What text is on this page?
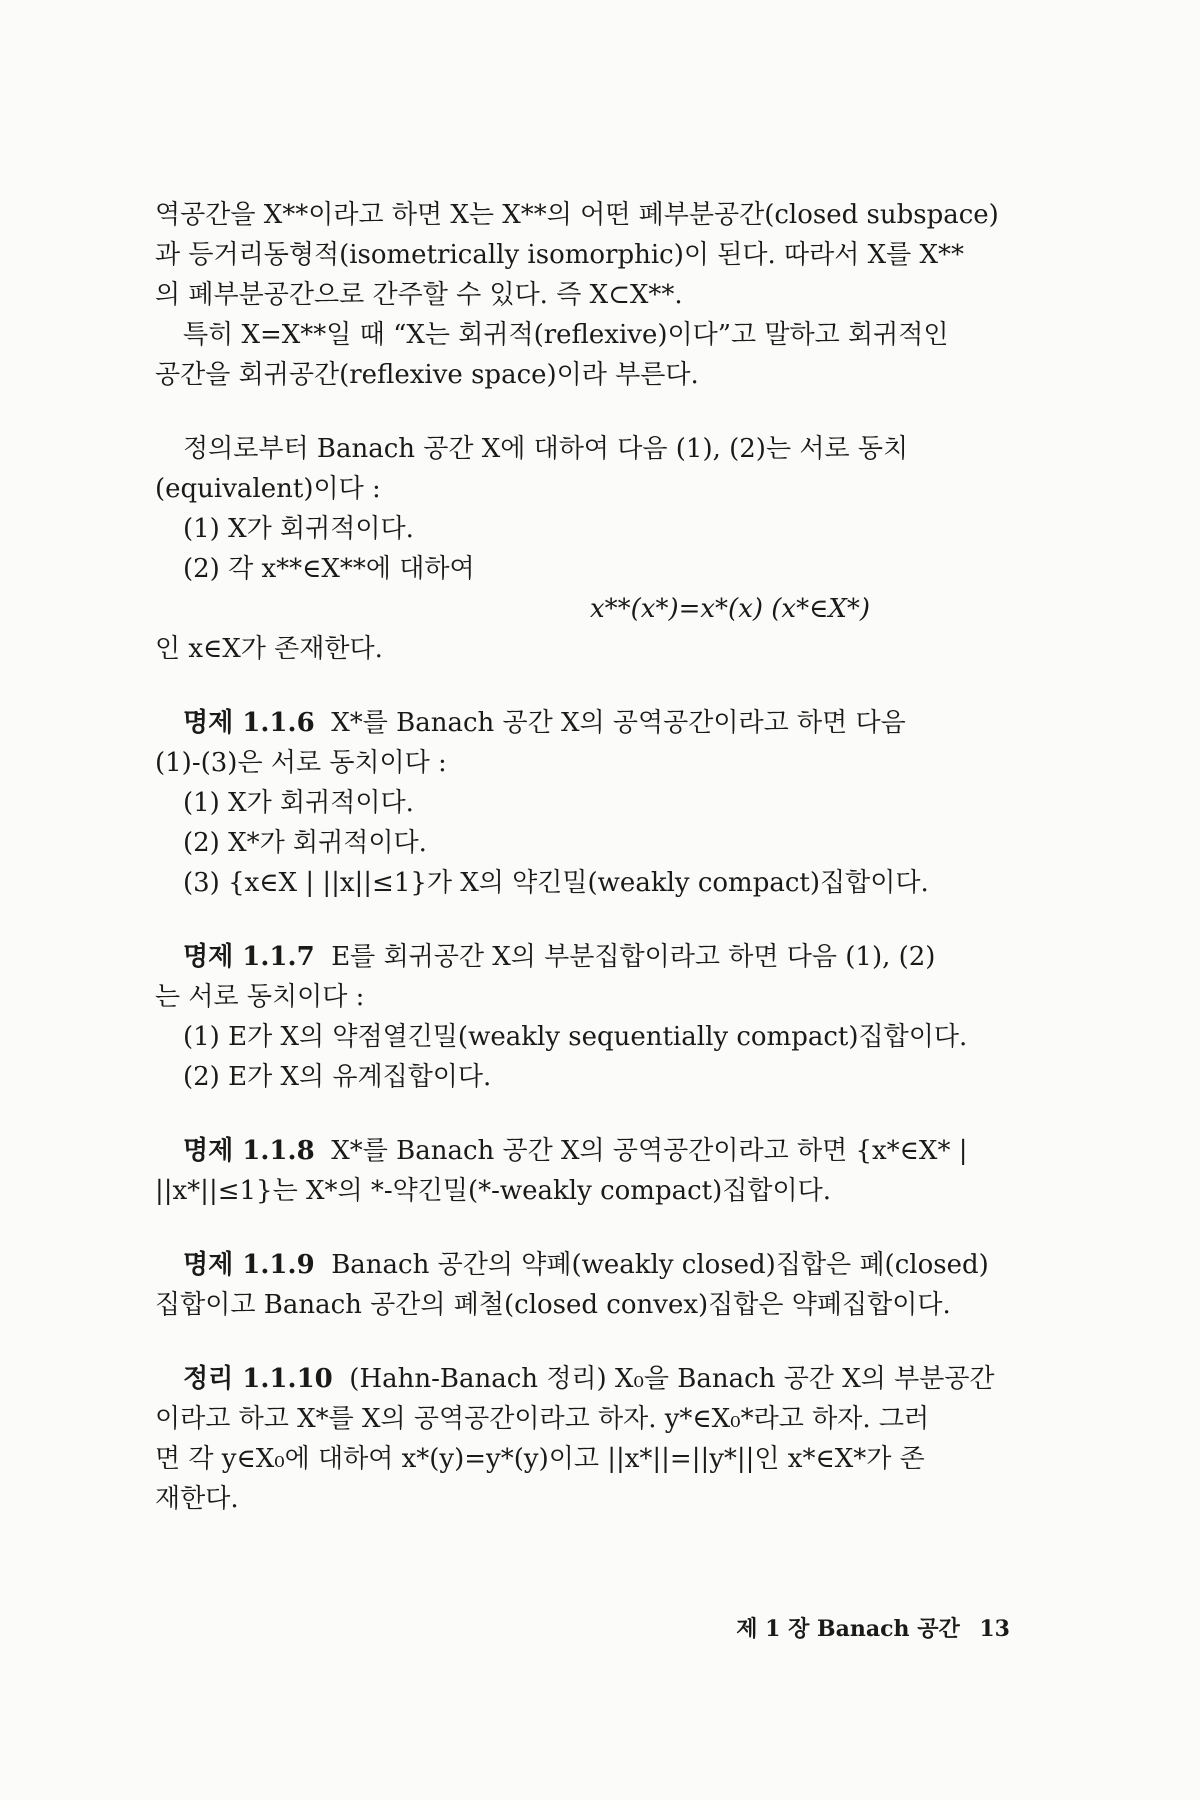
역공간을 X**이라고 하면 X는 X**의 어떤 폐부분공간(closed subspace)

과 등거리동형적(isometrically isomorphic)이 된다. 따라서 X를 X**

의 폐부분공간으로 간주할 수 있다. 즉 X⊂X**.

특히 X=X**일 때 “X는 회귀적(reflexive)이다”고 말하고 회귀적인

공간을 회귀공간(reflexive space)이라 부른다.

정의로부터 Banach 공간 X에 대하여 다음 (1), (2)는 서로 동치

(equivalent)이다 :

(1) X가 회귀적이다.

(2) 각 x**∈X**에 대하여

x**(x*)=x*(x) (x*∈X*)

인 x∈X가 존재한다.

명제 1.1.6 X*를 Banach 공간 X의 공역공간이라고 하면 다음

(1)-(3)은 서로 동치이다 :

(1) X가 회귀적이다.

(2) X*가 회귀적이다.

(3) {x∈X | ||x||≤1}가 X의 약긴밀(weakly compact)집합이다.

명제 1.1.7 E를 회귀공간 X의 부분집합이라고 하면 다음 (1), (2)

는 서로 동치이다 :

(1) E가 X의 약점열긴밀(weakly sequentially compact)집합이다.

(2) E가 X의 유계집합이다.

명제 1.1.8 X*를 Banach 공간 X의 공역공간이라고 하면 {x*∈X* |

||x*||≤1}는 X*의 *-약긴밀(*-weakly compact)집합이다.

명제 1.1.9 Banach 공간의 약폐(weakly closed)집합은 폐(closed)

집합이고 Banach 공간의 폐철(closed convex)집합은 약폐집합이다.

정리 1.1.10 (Hahn-Banach 정리) X₀을 Banach 공간 X의 부분공간

이라고 하고 X*를 X의 공역공간이라고 하자. y*∈X₀*라고 하자. 그러

면 각 y∈X₀에 대하여 x*(y)=y*(y)이고 ||x*||=||y*||인 x*∈X*가 존

재한다.

제 1 장 Banach 공간 13
